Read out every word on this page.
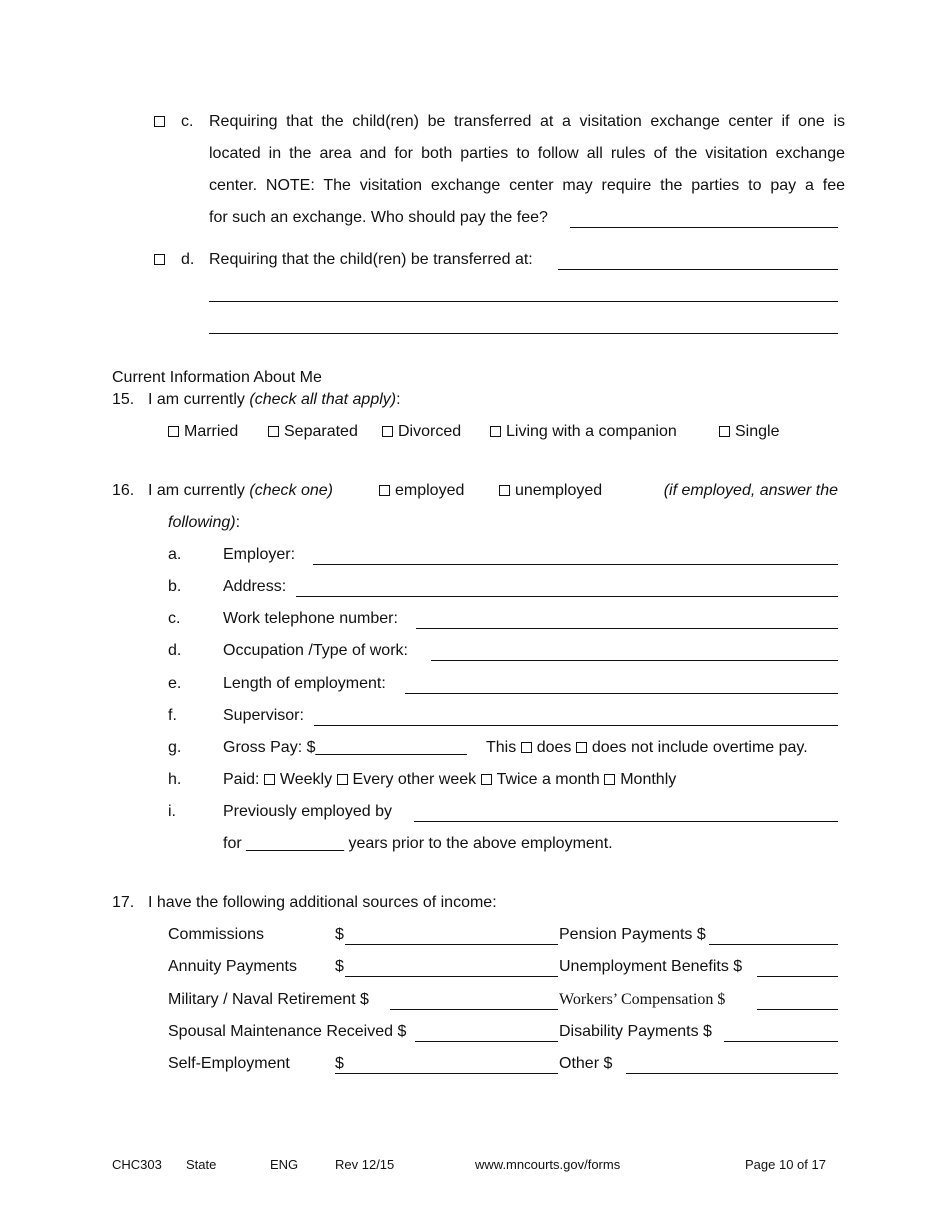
c. Requiring that the child(ren) be transferred at a visitation exchange center if one is
located in the area and for both parties to follow all rules of the visitation exchange
center. NOTE: The visitation exchange center may require the parties to pay a fee
for such an exchange. Who should pay the fee?
d. Requiring that the child(ren) be transferred at:
Current Information About Me
15. I am currently (check all that apply):
Married	Separated	Divorced	Living with a companion	Single
16. I am currently (check one)	employed	unemployed	(if employed, answer the
following):
a.	Employer:
b.	Address:
c.	Work telephone number:
d.	Occupation /Type of work:
e.	Length of employment:
f.	Supervisor:
g.	Gross Pay: $_________________ This does does not include overtime pay.
h.	Paid: Weekly Every other week Twice a month Monthly
i.	Previously employed by
for ___________ years prior to the above employment.
17. I have the following additional sources of income:
Commissions	$	Pension Payments $
Annuity Payments $	Unemployment Benefits $
Military / Naval Retirement $	Workers’ Compensation $
Spousal Maintenance Received $	Disability Payments $
Self-Employment	$	Other $
CHC303 State	ENG	Rev 12/15	www.mncourts.gov/forms	Page 10 of 17
